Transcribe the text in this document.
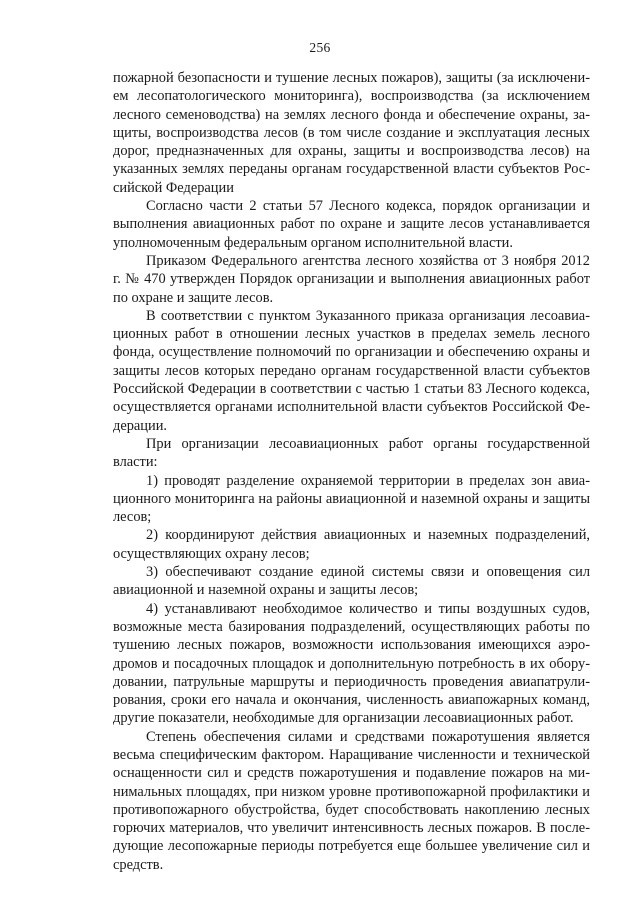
256

пожарной безопасности и тушение лесных пожаров), защиты (за исключением лесопатологического мониторинга), воспроизводства (за исключением лесного семеноводства) на землях лесного фонда и обеспечение охраны, защиты, воспроизводства лесов (в том числе создание и эксплуатация лесных дорог, предназначенных для охраны, защиты и воспроизводства лесов) на указанных землях переданы органам государственной власти субъектов Российской Федерации

Согласно части 2 статьи 57 Лесного кодекса, порядок организации и выполнения авиационных работ по охране и защите лесов устанавливается уполномоченным федеральным органом исполнительной власти.

Приказом Федерального агентства лесного хозяйства от 3 ноября 2012 г. № 470 утвержден Порядок организации и выполнения авиационных работ по охране и защите лесов.

В соответствии с пунктом 3указанного приказа организация лесоавиационных работ в отношении лесных участков в пределах земель лесного фонда, осуществление полномочий по организации и обеспечению охраны и защиты лесов которых передано органам государственной власти субъектов Российской Федерации в соответствии с частью 1 статьи 83 Лесного кодекса, осуществляется органами исполнительной власти субъектов Российской Федерации.

При организации лесоавиационных работ органы государственной власти:

1) проводят разделение охраняемой территории в пределах зон авиационного мониторинга на районы авиационной и наземной охраны и защиты лесов;

2) координируют действия авиационных и наземных подразделений, осуществляющих охрану лесов;

3) обеспечивают создание единой системы связи и оповещения сил авиационной и наземной охраны и защиты лесов;

4) устанавливают необходимое количество и типы воздушных судов, возможные места базирования подразделений, осуществляющих работы по тушению лесных пожаров, возможности использования имеющихся аэродромов и посадочных площадок и дополнительную потребность в их оборудовании, патрульные маршруты и периодичность проведения авиапатрулирования, сроки его начала и окончания, численность авиапожарных команд, другие показатели, необходимые для организации лесоавиационных работ.

Степень обеспечения силами и средствами пожаротушения является весьма специфическим фактором. Наращивание численности и технической оснащенности сил и средств пожаротушения и подавление пожаров на минимальных площадях, при низком уровне противопожарной профилактики и противопожарного обустройства, будет способствовать накоплению лесных горючих материалов, что увеличит интенсивность лесных пожаров. В последующие лесопожарные периоды потребуется еще большее увеличение сил и средств.
